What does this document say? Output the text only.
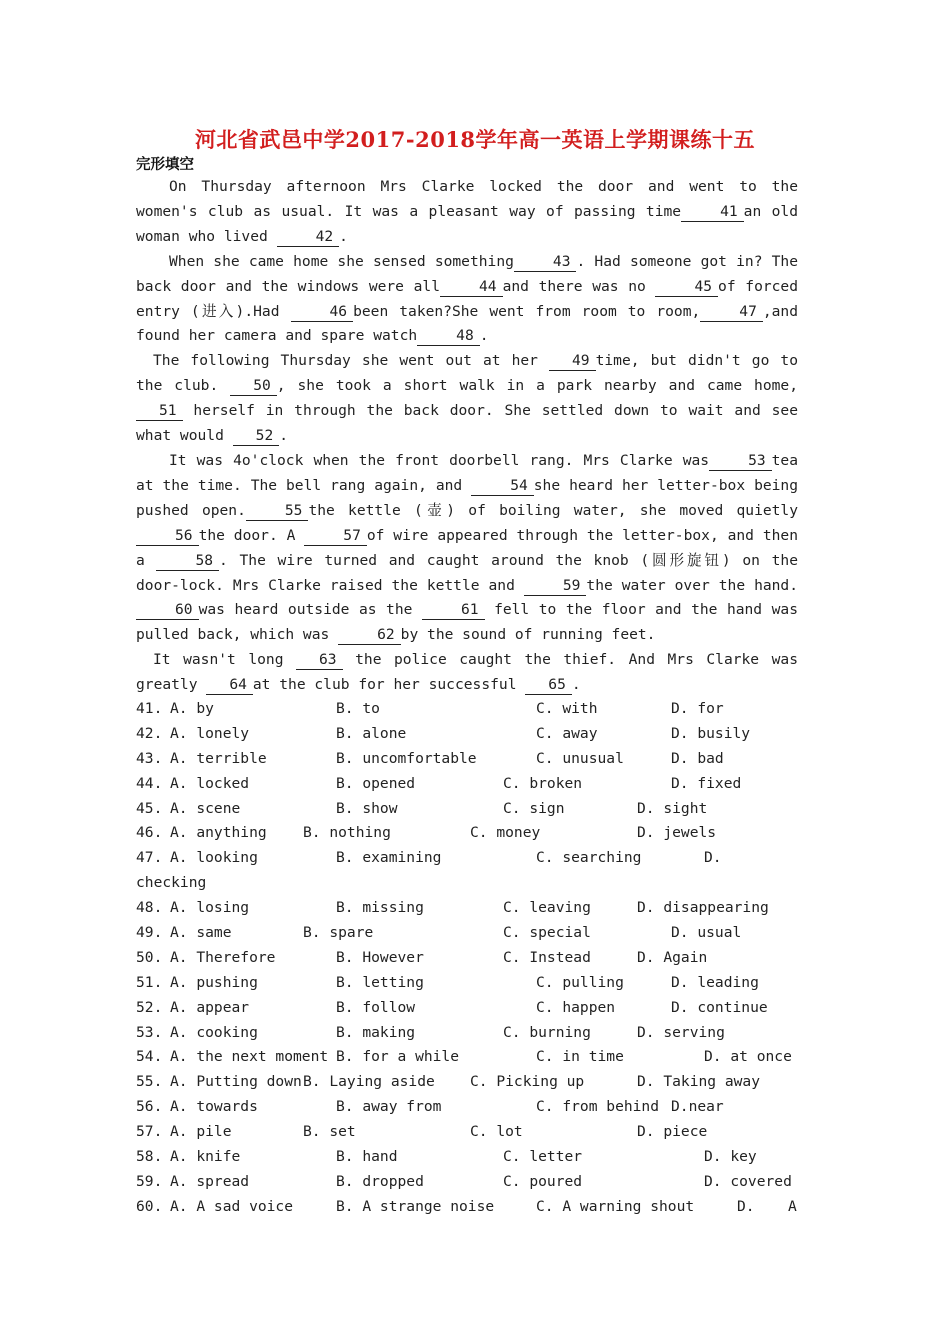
河北省武邑中学2017-2018学年高一英语上学期课练十五
完形填空

On Thursday afternoon Mrs Clarke locked the door and went to the women's club as usual. It was a pleasant way of passing time	41 an old woman who lived	42 .

When she came home she sensed something	43 . Had someone got in? The back door and the windows were all	44 and there was no	45 of forced entry (进入).Had	46 been taken?She went from room to room,	47 ,and found her camera and spare watch	48 .

The following Thursday she went out at her 49 time, but didn't go to the club. 50 , she took a short walk in a park nearby and came home, 51 herself in through the back door. She settled down to wait and see what would 52 .

It was 4o'clock when the front doorbell rang. Mrs Clarke was	53 tea at the time. The bell rang again, and	54 she heard her letter-box being pushed open.	55 the kettle (壶) of boiling water, she moved quietly 56 the door. A	57 of wire appeared through the letter-box, and then a	58 . The wire turned and caught around the knob (圆形旋钮) on the door-lock. Mrs Clarke raised the kettle and	59 the water over the hand. 60 was heard outside as the	61 fell to the floor and the hand was pulled back, which was	62 by the sound of running feet.

It wasn't long 63 the police caught the thief. And Mrs Clarke was greatly 64 at the club for her successful 65 .

41. A. by	B. to	C. with	D. for
42. A. lonely	B. alone	C. away	D. busily
43. A. terrible	B. uncomfortable	C. unusual	D. bad
44. A. locked	B. opened	C. broken	D. fixed
45. A. scene	B. show	C. sign	D. sight
46. A. anything B. nothing	C. money	D. jewels
47. A. looking	B. examining	C. searching	D.
checking
48. A. losing	B. missing	C. leaving	D. disappearing
49. A. same	B. spare	C. special	D. usual
50. A. Therefore	B. However	C. Instead	D. Again
51. A. pushing	B. letting	C. pulling	D. leading
52. A. appear	B. follow	C. happen	D. continue
53. A. cooking	B. making	C. burning	D. serving
54. A. the next moment B. for a while	C. in time	D. at once
55. A. Putting down B. Laying aside C. Picking up	D. Taking away
56. A. towards	B. away from	C. from behind D.near
57. A. pile	B. set	C. lot	D. piece
58. A. knife	B. hand	C. letter	D. key
59. A. spread	B. dropped	C. poured	D. covered
60. A. A sad voice	B. A strange noise	C. A warning shout	D. A
